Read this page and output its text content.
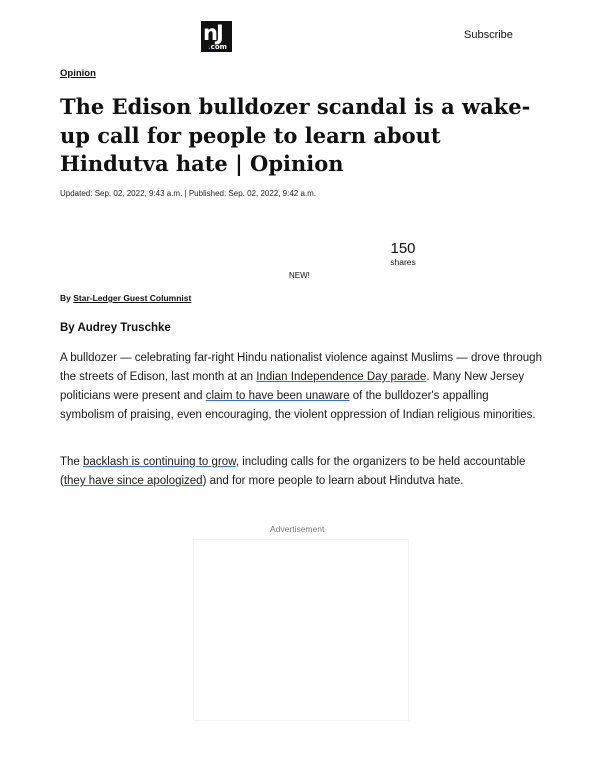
nJ
.com
Subscribe
Opinion
The Edison bulldozer scandal is a wake-up call for people to learn about Hindutva hate | Opinion
Updated: Sep. 02, 2022, 9:43 a.m. | Published: Sep. 02, 2022, 9:42 a.m.
150
shares
NEW!
By Star-Ledger Guest Columnist
By Audrey Truschke

A bulldozer — celebrating far-right Hindu nationalist violence against Muslims — drove through the streets of Edison, last month at an Indian Independence Day parade. Many New Jersey politicians were present and claim to have been unaware of the bulldozer's appalling symbolism of praising, even encouraging, the violent oppression of Indian religious minorities.

The backlash is continuing to grow, including calls for the organizers to be held accountable (they have since apologized) and for more people to learn about Hindutva hate.

Advertisement
